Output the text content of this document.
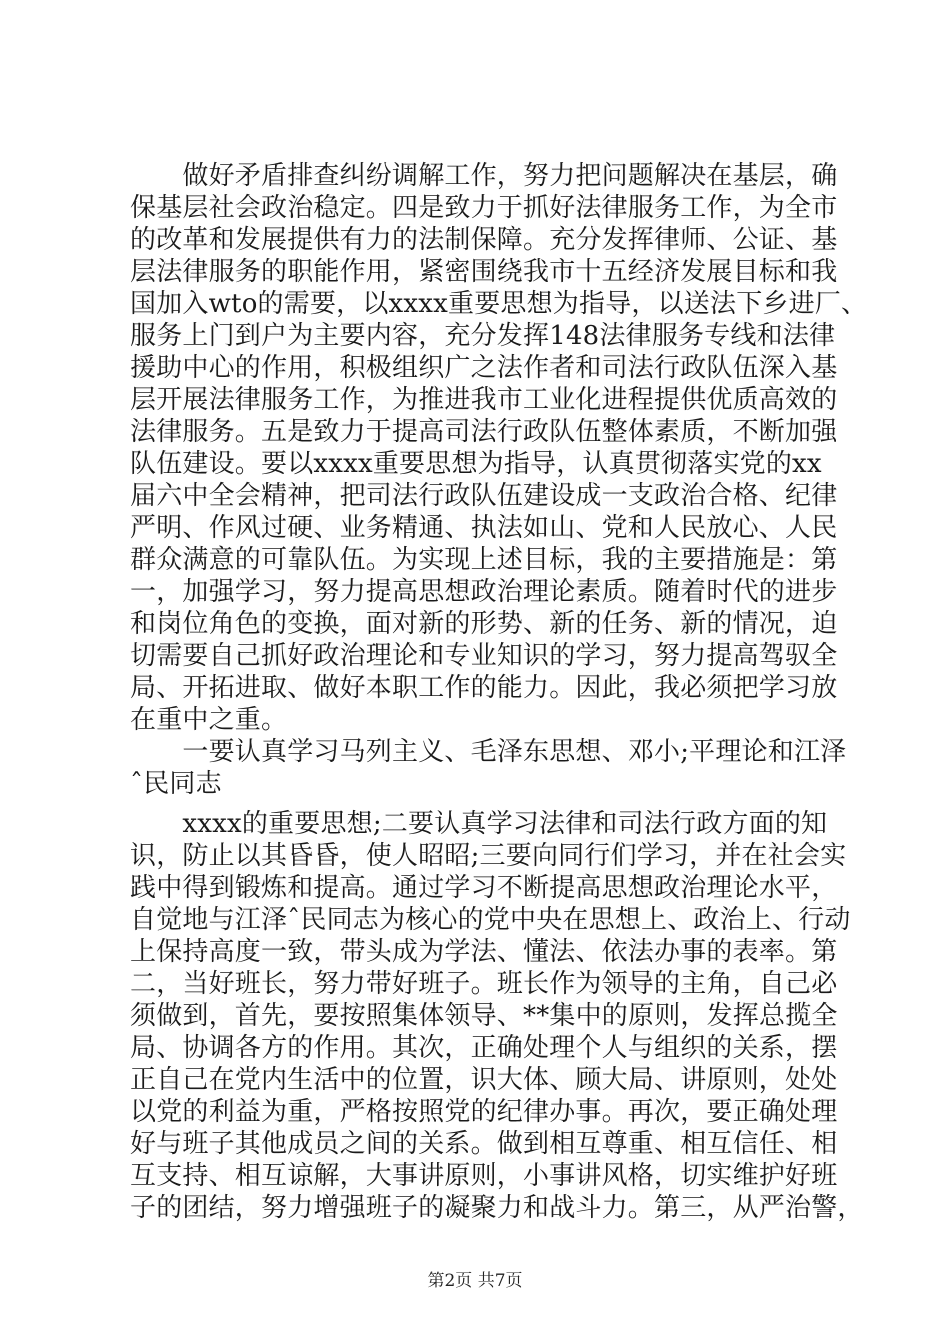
　　做好矛盾排查纠纷调解工作，努力把问题解决在基层，确
保基层社会政治稳定。四是致力于抓好法律服务工作，为全市
的改革和发展提供有力的法制保障。充分发挥律师、公证、基
层法律服务的职能作用，紧密围绕我市十五经济发展目标和我
国加入wto的需要，以xxxx重要思想为指导，以送法下乡进厂、
服务上门到户为主要内容，充分发挥148法律服务专线和法律
援助中心的作用，积极组织广之法作者和司法行政队伍深入基
层开展法律服务工作，为推进我市工业化进程提供优质高效的
法律服务。五是致力于提高司法行政队伍整体素质，不断加强
队伍建设。要以xxxx重要思想为指导，认真贯彻落实党的xx
届六中全会精神，把司法行政队伍建设成一支政治合格、纪律
严明、作风过硬、业务精通、执法如山、党和人民放心、人民
群众满意的可靠队伍。为实现上述目标，我的主要措施是：第
一，加强学习，努力提高思想政治理论素质。随着时代的进步
和岗位角色的变换，面对新的形势、新的任务、新的情况，迫
切需要自己抓好政治理论和专业知识的学习，努力提高驾驭全
局、开拓进取、做好本职工作的能力。因此，我必须把学习放
在重中之重。
　　一要认真学习马列主义、毛泽东思想、邓小;平理论和江泽
ˆ民同志
　　xxxx的重要思想;二要认真学习法律和司法行政方面的知
识，防止以其昏昏，使人昭昭;三要向同行们学习，并在社会实
践中得到锻炼和提高。通过学习不断提高思想政治理论水平，
自觉地与江泽ˆ民同志为核心的党中央在思想上、政治上、行动
上保持高度一致，带头成为学法、懂法、依法办事的表率。第
二，当好班长，努力带好班子。班长作为领导的主角，自己必
须做到，首先，要按照集体领导、**集中的原则，发挥总揽全
局、协调各方的作用。其次，正确处理个人与组织的关系，摆
正自己在党内生活中的位置，识大体、顾大局、讲原则，处处
以党的利益为重，严格按照党的纪律办事。再次，要正确处理
好与班子其他成员之间的关系。做到相互尊重、相互信任、相
互支持、相互谅解，大事讲原则，小事讲风格，切实维护好班
子的团结，努力增强班子的凝聚力和战斗力。第三，从严治警，
第2页 共7页
